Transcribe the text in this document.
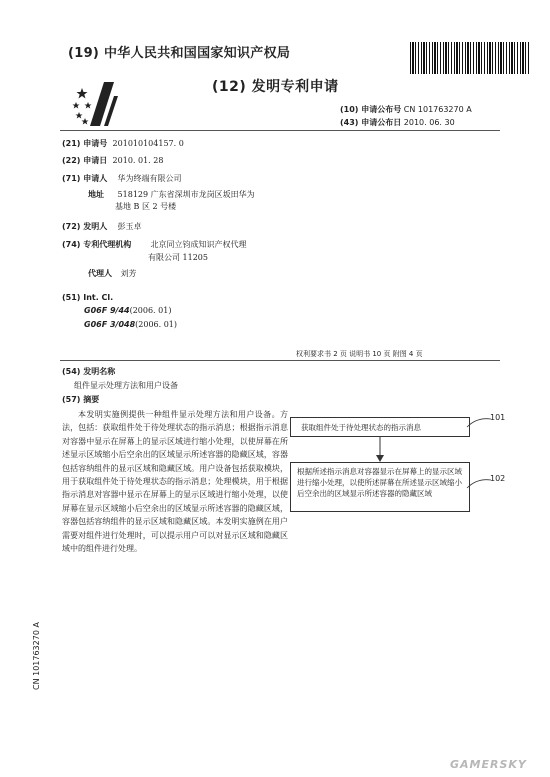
(19) 中华人民共和国国家知识产权局
(12) 发明专利申请
(10) 申请公布号 CN 101763270 A
(43) 申请公布日 2010. 06. 30
(21) 申请号 201010104157. 0
(22) 申请日 2010. 01. 28
(71) 申请人 华为终端有限公司
地址 518129 广东省深圳市龙岗区坂田华为
基地 B 区 2 号楼
(72) 发明人 彭玉卓
(74) 专利代理机构 北京同立钧成知识产权代理
有限公司 11205
代理人 刘芳
(51) Int. Cl.
G06F 9/44(2006. 01)
G06F 3/048(2006. 01)
权利要求书 2 页 说明书 10 页 附图 4 页
(54) 发明名称
组件显示处理方法和用户设备
(57) 摘要
本发明实施例提供一种组件显示处理方法和用户设备。方法，包括：获取组件处于待处理状态的指示消息；根据指示消息对容器中显示在屏幕上的显示区域进行缩小处理，以使屏幕在所述显示区域缩小后空余出的区域显示所述容器的隐藏区域，容器包括容纳组件的显示区域和隐藏区域。用户设备包括获取模块，用于获取组件处于待处理状态的指示消息；处理模块，用于根据指示消息对容器中显示在屏幕上的显示区域进行缩小处理，以使屏幕在显示区域缩小后空余出的区域显示所述容器的隐藏区域，容器包括容纳组件的显示区域和隐藏区域。本发明实施例在用户需要对组件进行处理时，可以提示用户可以对显示区域和隐藏区域中的组件进行处理。
获取组件处于待处理状态的指示消息
101
根据所述指示消息对容器显示在屏幕上的显示区域进行缩小处理，以使所述屏幕在所述显示区域缩小后空余出的区域显示所述容器的隐藏区域
102
CN 101763270 A
GAMERSKY
